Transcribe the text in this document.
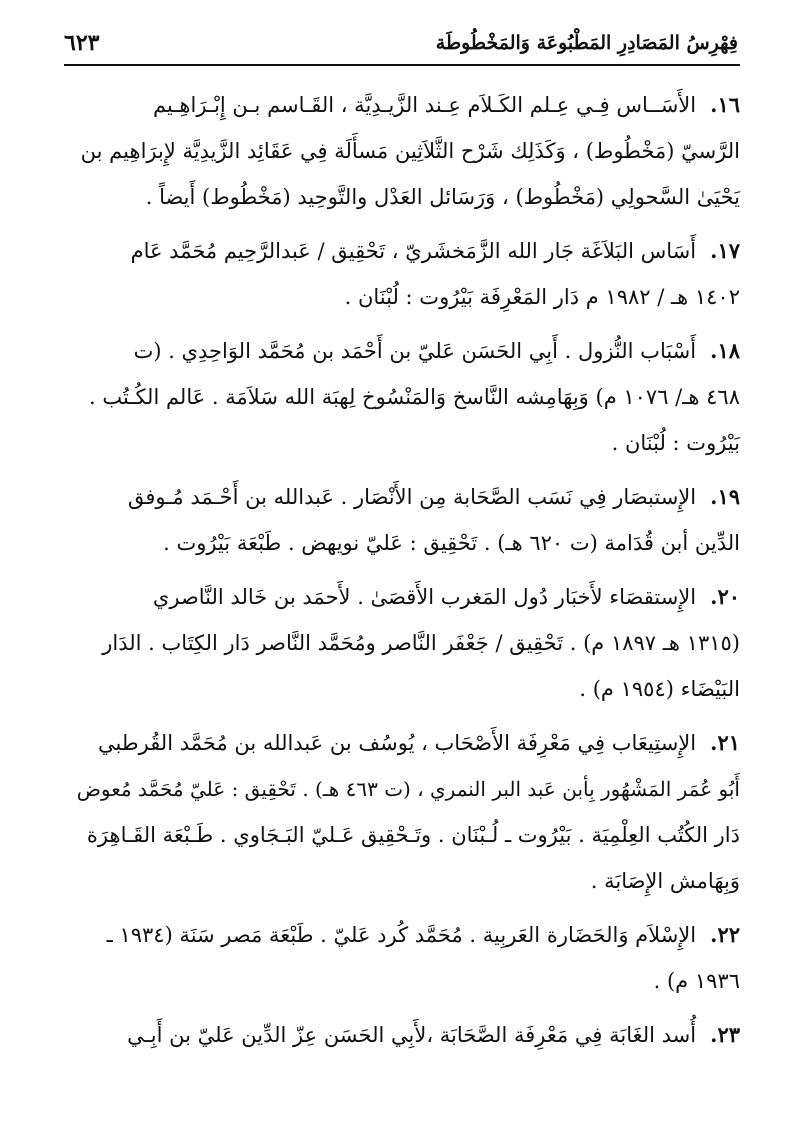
فِهْرِسُ المَصَادِرِ المَطْبُوعَة وَالمَخْطُوطَة
٦٢٣
١٦.الأَسَــاس فِـي عِـلم الكَـلاَم عِـند الزَّيـدِيَّة ، القَـاسم بـن إِبْـرَاهِـيم
الرَّسيّ (مَخْطُوط) ، وَكَذَلِك شَرْح الثَّلاَثِين مَسأَلَة فِي عَقَائِد الزَّيدِيَّة لإِبرَاهِيم بن
يَحْيَىٰ السَّحولِي (مَخْطُوط) ، وَرَسَائل العَدْل والتَّوحِيد (مَخْطُوط) أَيضاً .
١٧.أَسَاس البَلاَغَة جَار الله الزَّمَخشَريّ ، تَحْقِيق / عَبدالرَّحِيم مُحَمَّد عَام
١٤٠٢ هـ / ١٩٨٢ م دَار المَعْرِفَة بَيْرُوت : لُبْنَان .
١٨.أَسْبَاب النُّزول . أَبِي الحَسَن عَليّ بن أَحْمَد بن مُحَمَّد الوَاحِدِي . (ت
٤٦٨ هـ/ ١٠٧٦ م) وَبِهَامِشه النَّاسخ وَالمَنْسُوخ لِهبَة الله سَلاَمَة . عَالم الكُـتُب .
بَيْرُوت : لُبْنَان .
١٩.الإِستبصَار فِي نَسَب الصَّحَابة مِن الأَنْصَار . عَبدالله بن أَحْـمَد مُـوفق
الدِّين أبن قُدَامة (ت ٦٢٠ هـ) . تَحْقِيق : عَليّ نويهض . طَبْعَة بَيْرُوت .
٢٠.الإِستقصَاء لأَخبَار دُول المَغرب الأَقصَىٰ . لأَحمَد بن خَالد النَّاصري
(١٣١٥ هـ ١٨٩٧ م) . تَحْقِيق / جَعْفَر النَّاصر ومُحَمَّد النَّاصر دَار الكِتَاب . الدَار
البَيْضَاء (١٩٥٤ م) .
٢١.الإِستِيعَاب فِي مَعْرِفَة الأَصْحَاب ، يُوسُف بن عَبدالله بن مُحَمَّد القُرطبي
أَبُو عُمَر المَشْهُور بِأبن عَبد البر النمري ، (ت ٤٦٣ هـ) . تَحْقِيق : عَليّ مُحَمَّد مُعوض
دَار الكُتُب العِلْمِيَة . بَيْرُوت ـ لُـبْنَان . وتَـحْقِيق عَـليّ البَـجَاوي . طَـبْعَة القَـاهِرَة
وَبِهَامش الإِصَابَة .
٢٢.الإِسْلاَم وَالحَضَارة العَربِية . مُحَمَّد كُرد عَليّ . طَبْعَة مَصر سَنَة (١٩٣٤ ـ
١٩٣٦ م) .
٢٣.أُسد الغَابَة فِي مَعْرِفَة الصَّحَابَة ،لأَبِي الحَسَن عِزّ الدِّين عَليّ بن أَبِـي
